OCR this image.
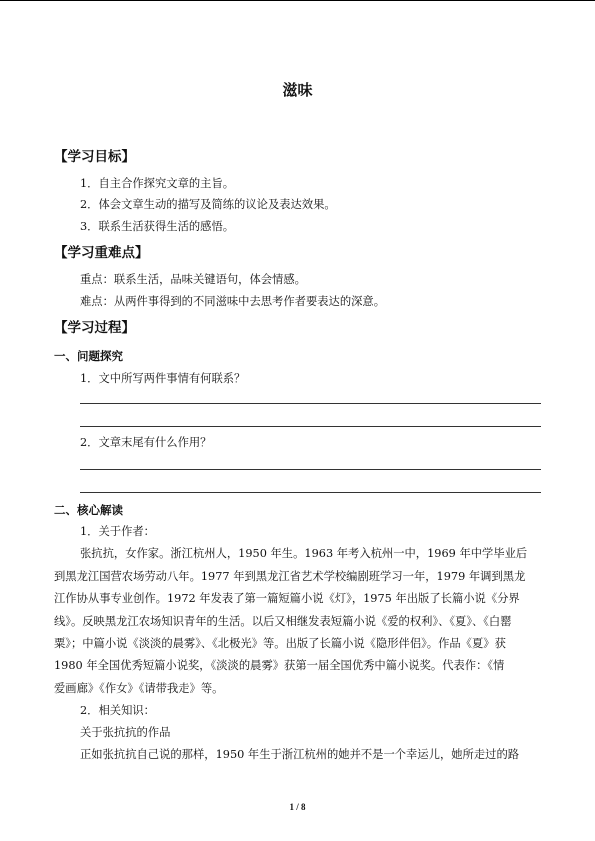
滋味
【学习目标】
1．自主合作探究文章的主旨。
2．体会文章生动的描写及简练的议论及表达效果。
3．联系生活获得生活的感悟。
【学习重难点】
重点：联系生活，品味关键语句，体会情感。
难点：从两件事得到的不同滋味中去思考作者要表达的深意。
【学习过程】
一、问题探究
1．文中所写两件事情有何联系？
2．文章末尾有什么作用？
二、核心解读
1．关于作者：
张抗抗，女作家。浙江杭州人，1950 年生。1963 年考入杭州一中，1969 年中学毕业后
到黑龙江国营农场劳动八年。1977 年到黑龙江省艺术学校编剧班学习一年，1979 年调到黑龙
江作协从事专业创作。1972 年发表了第一篇短篇小说《灯》，1975 年出版了长篇小说《分界
线》。反映黑龙江农场知识青年的生活。以后又相继发表短篇小说《爱的权利》、《夏》、《白罂
粟》；中篇小说《淡淡的晨雾》、《北极光》等。出版了长篇小说《隐形伴侣》。作品《夏》获
1980 年全国优秀短篇小说奖，《淡淡的晨雾》获第一届全国优秀中篇小说奖。代表作：《情
爱画廊》《作女》《请带我走》等。
2．相关知识：
关于张抗抗的作品
正如张抗抗自己说的那样，1950 年生于浙江杭州的她并不是一个幸运儿，她所走过的路
1 / 8
